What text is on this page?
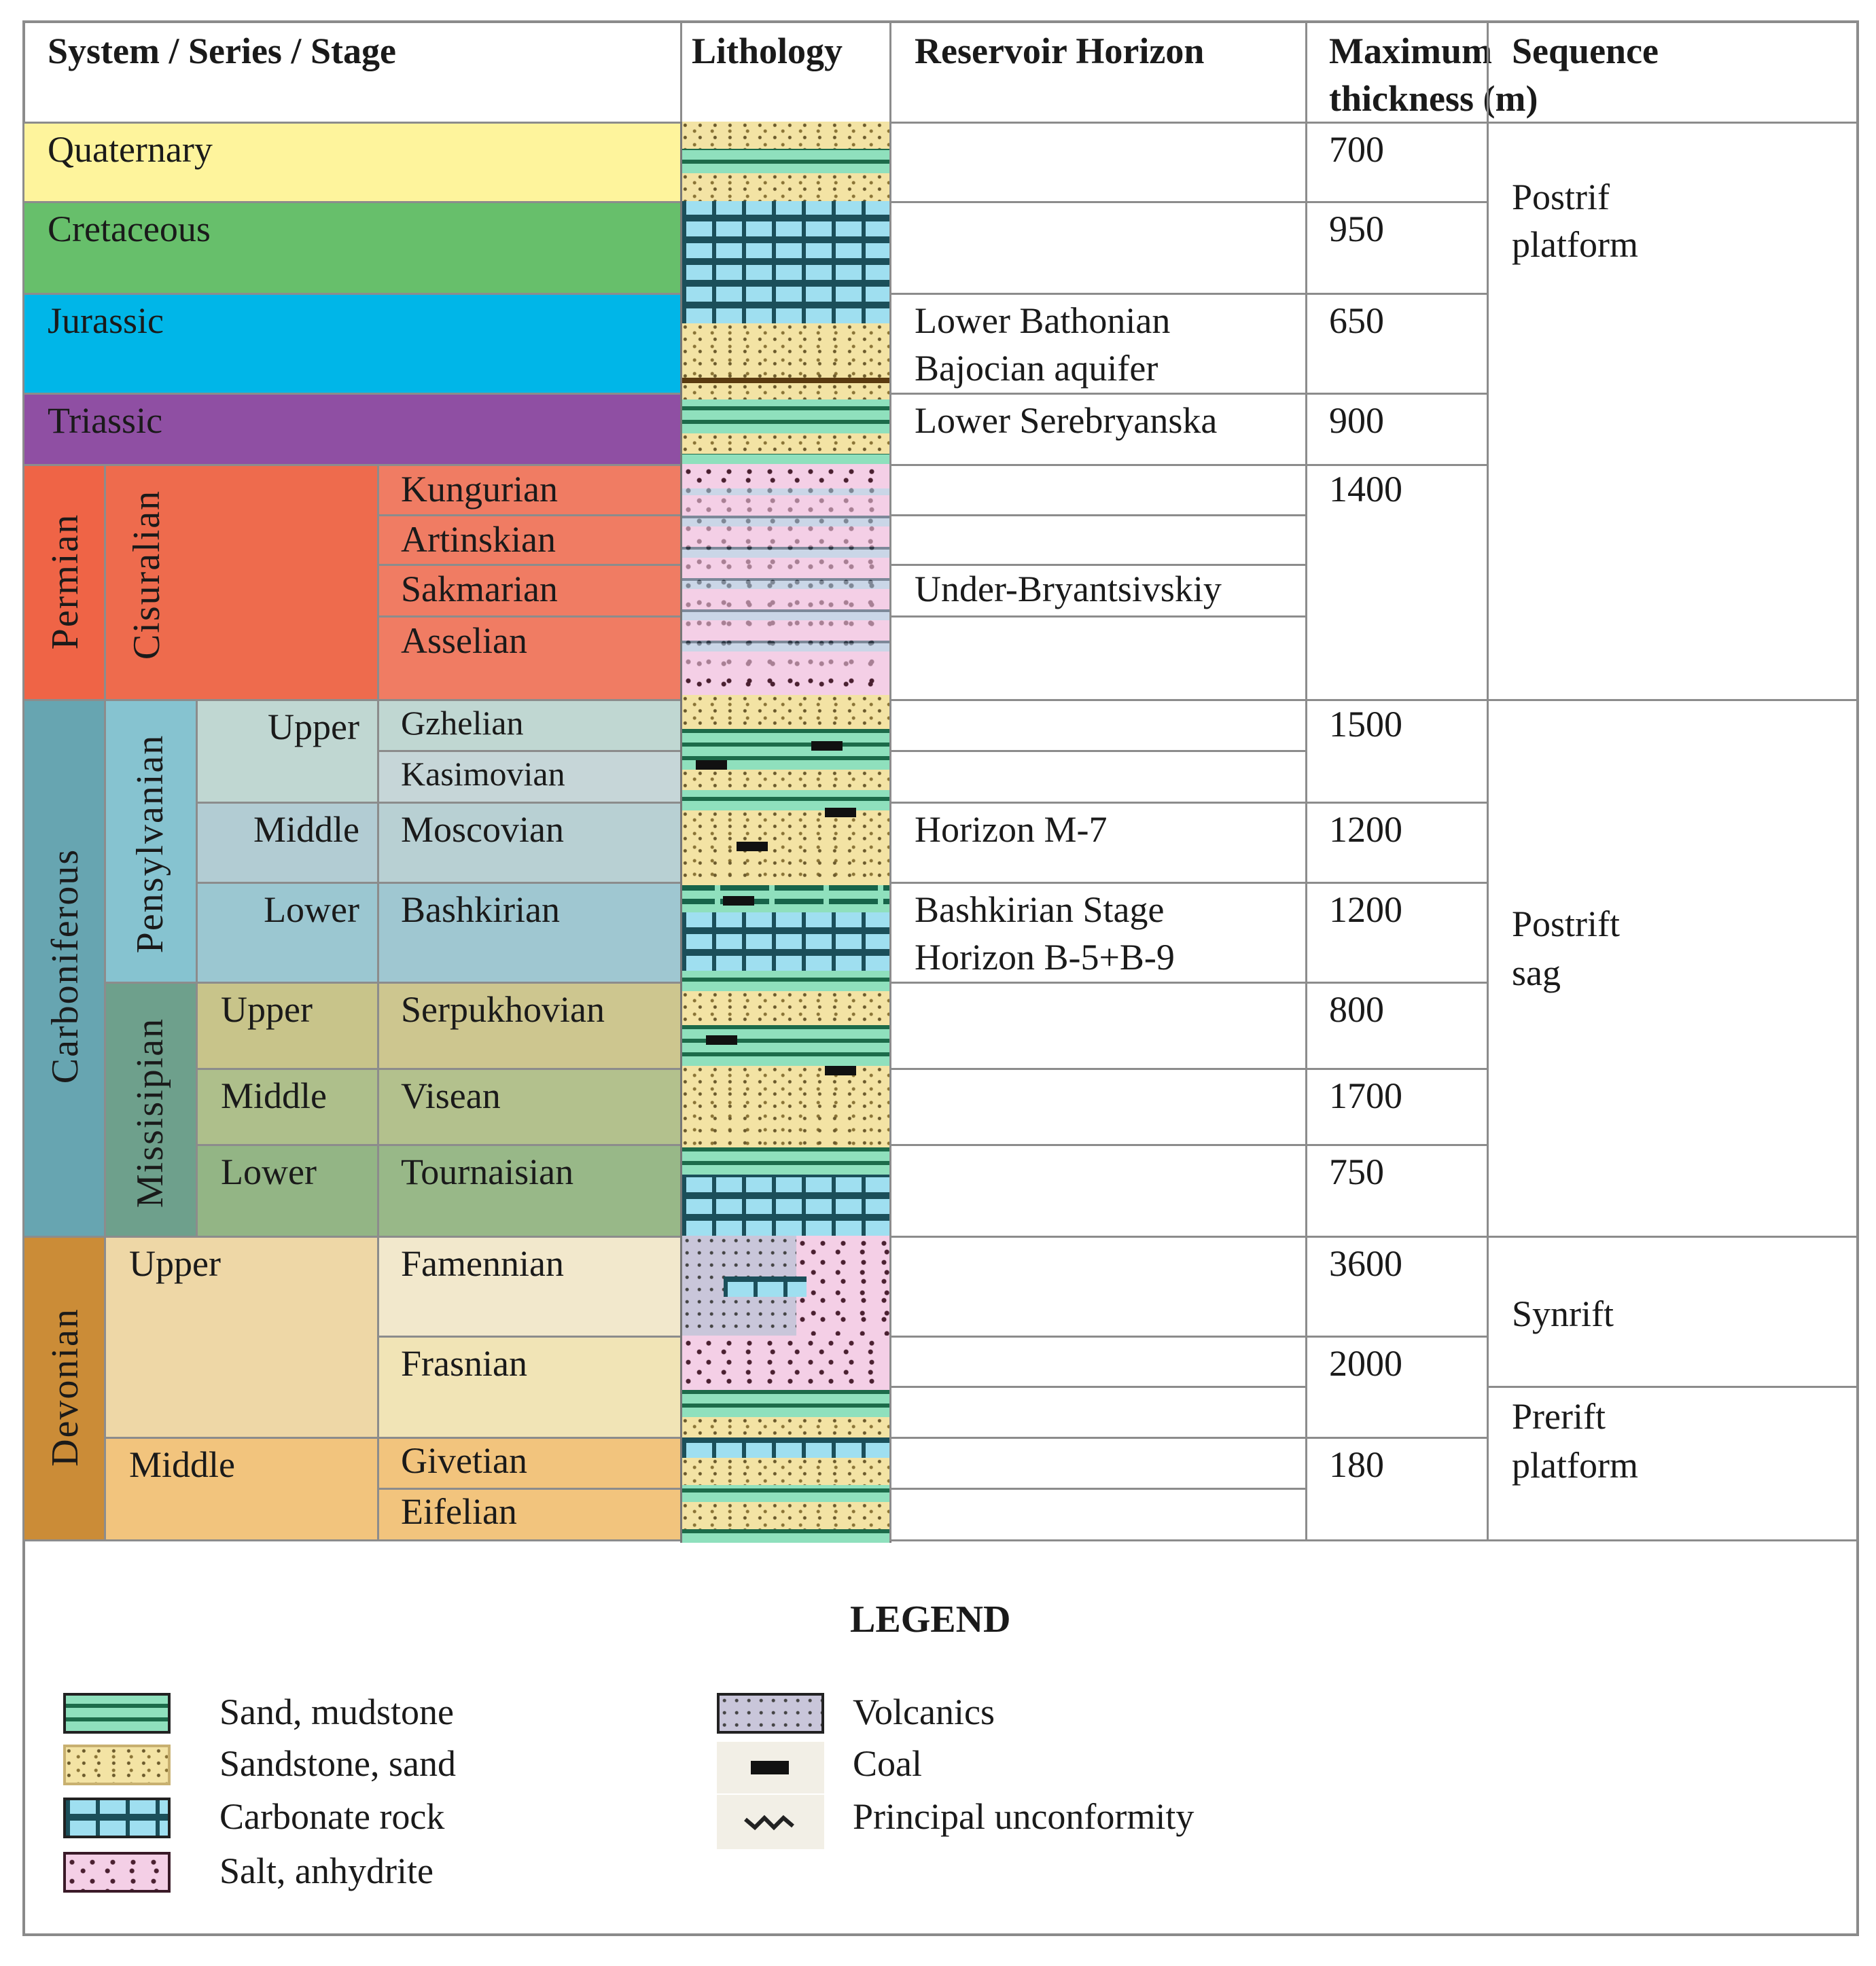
System / Series / Stage	Lithology Reservoir Horizon	Maximum
thickness (m)
Sequence
Quaternary
Cretaceous
Jurassic
Triassic
Permian Cisuralian
Kungurian
Artinskian
Sakmarian
Asselian
Carboniferous
Pensylvanian
Missisipian
Upper
Middle
Lower
Upper
Middle
Lower
Gzhelian
Kasimovian
Moscovian
Bashkirian
Serpukhovian
Visean
Tournaisian
Devonian
Upper
Middle
Famennian
Frasnian
Givetian
Eifelian
Lower Bathonian
Bajocian aquifer
Lower Serebryanska
Under-Bryantsivskiy
Horizon M-7
Bashkirian Stage
Horizon B-5+B-9
700
950
650
900
1400
1500
1200
1200
800
1700
750
3600
2000
180
Postrif
platform
Postrift
sag
Synrift
Prerift
platform
LEGEND
Sand, mudstone
Sandstone, sand
Carbonate rock
Salt, anhydrite
Volcanics
Coal
Principal unconformity
